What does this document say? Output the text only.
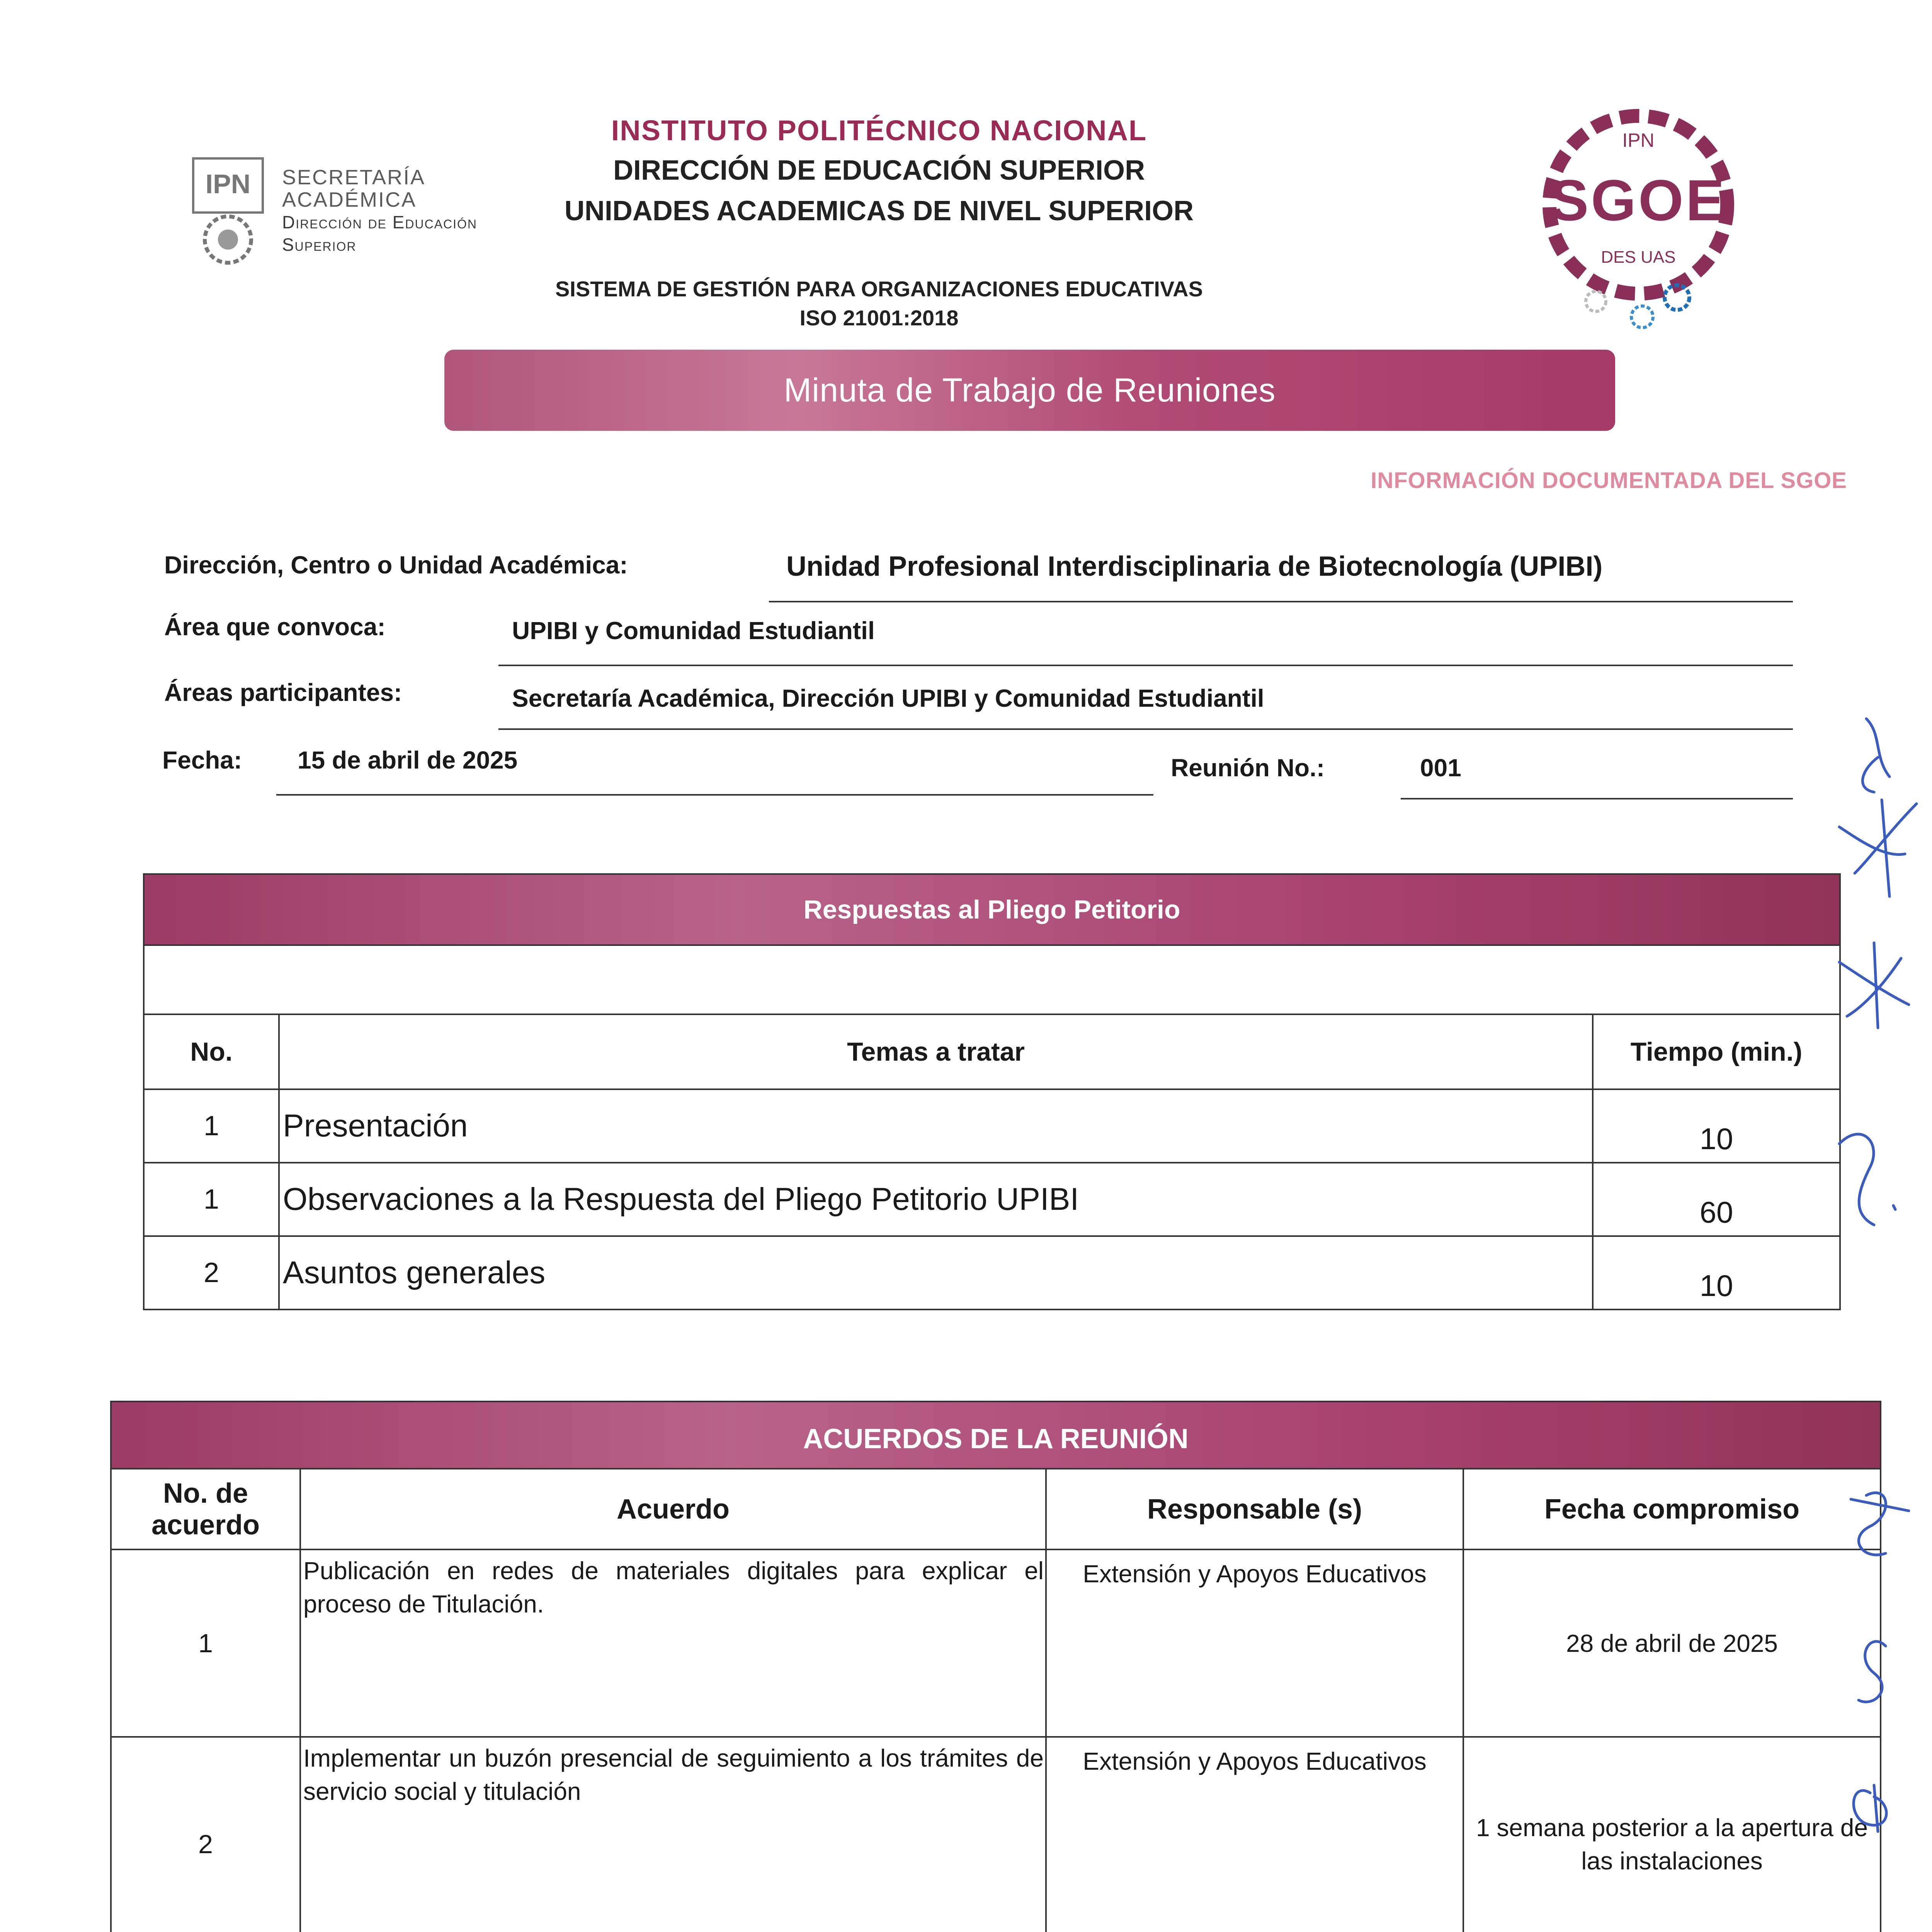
IPN SECRETARÍA
ACADÉMICA
Dirección de Educación
Superior
INSTITUTO POLITÉCNICO NACIONAL
DIRECCIÓN DE EDUCACIÓN SUPERIOR
UNIDADES ACADEMICAS DE NIVEL SUPERIOR
SISTEMA DE GESTIÓN PARA ORGANIZACIONES EDUCATIVAS
ISO 21001:2018
IPN
SGOE
DES UAS
Minuta de Trabajo de Reuniones
INFORMACIÓN DOCUMENTADA DEL SGOE
Dirección, Centro o Unidad Académica:	Unidad Profesional Interdisciplinaria de Biotecnología (UPIBI)
Área que convoca:	UPIBI y Comunidad Estudiantil
Áreas participantes:	Secretaría Académica, Dirección UPIBI y Comunidad Estudiantil
Fecha: 15 de abril de 2025	Reunión No.:	001
Respuestas al Pliego Petitorio		

No.	Temas a tratar	Tiempo (min.)
1	Presentación	10
1	Observaciones a la Respuesta del Pliego Petitorio UPIBI	60
2	Asuntos generales	10
ACUERDOS DE LA REUNIÓN			

No. de
acuerdo	Acuerdo	Responsable (s)	Fecha compromiso
1	Publicación en redes de materiales digitales para explicar el proceso de Titulación.	Extensión y Apoyos Educativos	28 de abril de 2025
2	Implementar un buzón presencial de seguimiento a los trámites de servicio social y titulación	Extensión y Apoyos Educativos	1 semana posterior a la apertura de las instalaciones
